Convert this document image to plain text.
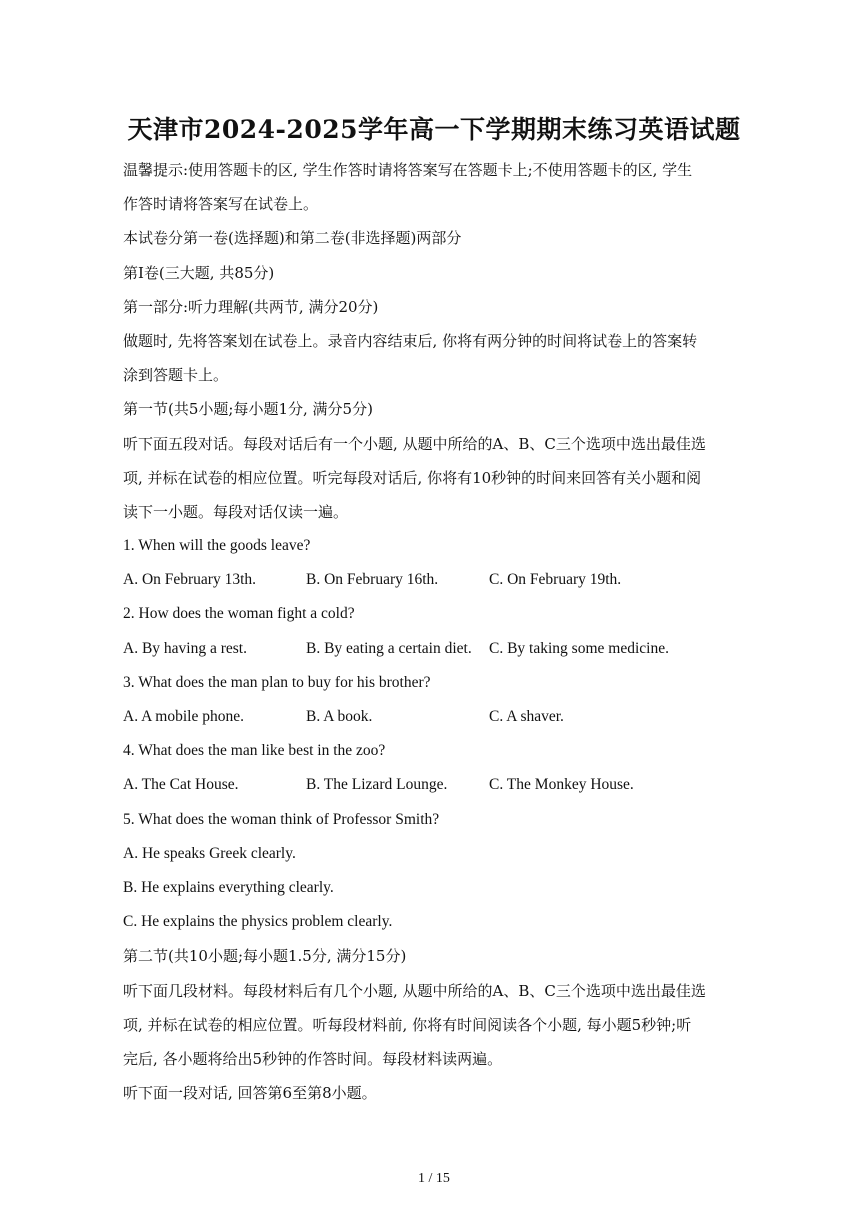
天津市2024-2025学年高一下学期期末练习英语试题
温馨提示:使用答题卡的区, 学生作答时请将答案写在答题卡上;不使用答题卡的区, 学生
作答时请将答案写在试卷上。
本试卷分第一卷(选择题)和第二卷(非选择题)两部分
第I卷(三大题, 共85分)
第一部分:听力理解(共两节, 满分20分)
做题时, 先将答案划在试卷上。录音内容结束后, 你将有两分钟的时间将试卷上的答案转
涂到答题卡上。
第一节(共5小题;每小题1分, 满分5分)
听下面五段对话。每段对话后有一个小题, 从题中所给的A、B、C三个选项中选出最佳选
项, 并标在试卷的相应位置。听完每段对话后, 你将有10秒钟的时间来回答有关小题和阅
读下一小题。每段对话仅读一遍。
1. When will the goods leave?
A. On February 13th.	B. On February 16th.	C. On February 19th.
2. How does the woman fight a cold?
A. By having a rest.	B. By eating a certain diet.	C. By taking some medicine.
3. What does the man plan to buy for his brother?
A. A mobile phone.	B. A book.	C. A shaver.
4. What does the man like best in the zoo?
A. The Cat House.	B. The Lizard Lounge.	C. The Monkey House.
5. What does the woman think of Professor Smith?
A. He speaks Greek clearly.
B. He explains everything clearly.
C. He explains the physics problem clearly.
第二节(共10小题;每小题1.5分, 满分15分)
听下面几段材料。每段材料后有几个小题, 从题中所给的A、B、C三个选项中选出最佳选
项, 并标在试卷的相应位置。听每段材料前, 你将有时间阅读各个小题, 每小题5秒钟;听
完后, 各小题将给出5秒钟的作答时间。每段材料读两遍。
听下面一段对话, 回答第6至第8小题。
1 / 15
